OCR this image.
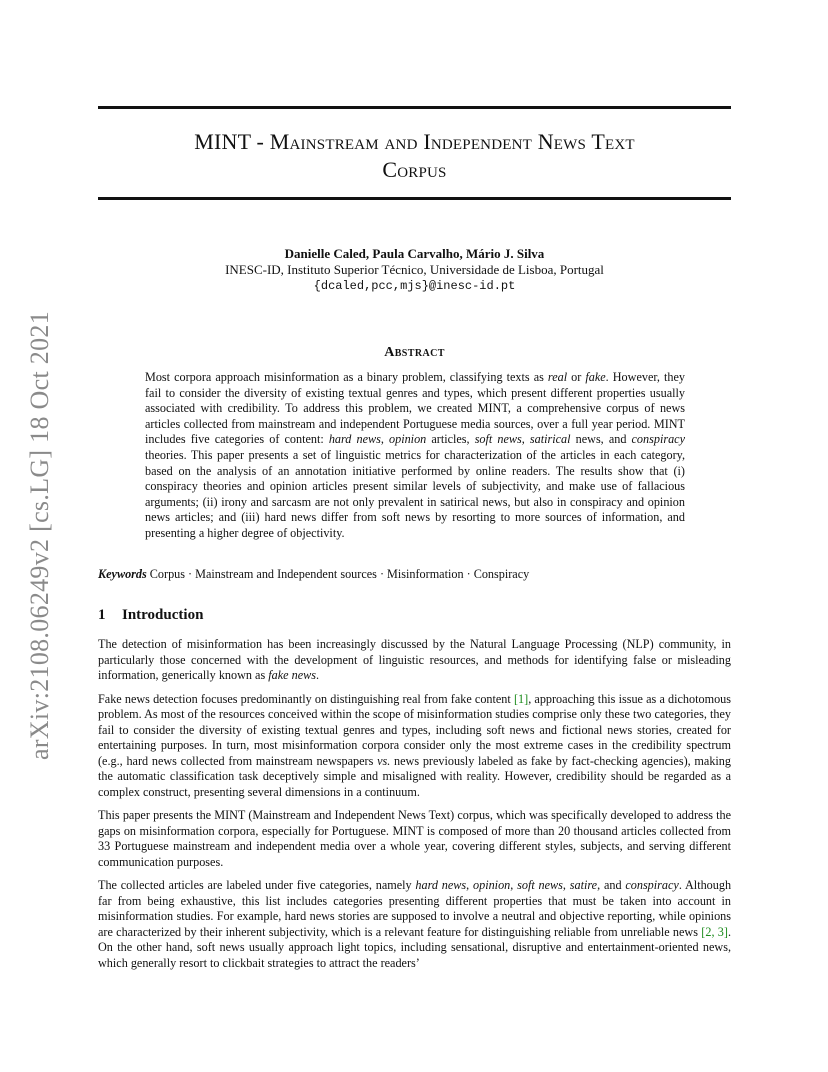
arXiv:2108.06249v2 [cs.LG] 18 Oct 2021
MINT - Mainstream and Independent News Text
Corpus
Danielle Caled, Paula Carvalho, Mário J. Silva
INESC-ID, Instituto Superior Técnico, Universidade de Lisboa, Portugal
{dcaled,pcc,mjs}@inesc-id.pt
Abstract
Most corpora approach misinformation as a binary problem, classifying texts as real or fake. However, they fail to consider the diversity of existing textual genres and types, which present different properties usually associated with credibility. To address this problem, we created MINT, a comprehensive corpus of news articles collected from mainstream and independent Portuguese media sources, over a full year period. MINT includes five categories of content: hard news, opinion articles, soft news, satirical news, and conspiracy theories. This paper presents a set of linguistic metrics for characterization of the articles in each category, based on the analysis of an annotation initiative performed by online readers. The results show that (i) conspiracy theories and opinion articles present similar levels of subjectivity, and make use of fallacious arguments; (ii) irony and sarcasm are not only prevalent in satirical news, but also in conspiracy and opinion news articles; and (iii) hard news differ from soft news by resorting to more sources of information, and presenting a higher degree of objectivity.
Keywords Corpus · Mainstream and Independent sources · Misinformation · Conspiracy
1 Introduction

The detection of misinformation has been increasingly discussed by the Natural Language Processing (NLP) community, in particularly those concerned with the development of linguistic resources, and methods for identifying false or misleading information, generically known as fake news.

Fake news detection focuses predominantly on distinguishing real from fake content [1], approaching this issue as a dichotomous problem. As most of the resources conceived within the scope of misinformation studies comprise only these two categories, they fail to consider the diversity of existing textual genres and types, including soft news and fictional news stories, created for entertaining purposes. In turn, most misinformation corpora consider only the most extreme cases in the credibility spectrum (e.g., hard news collected from mainstream newspapers vs. news previously labeled as fake by fact-checking agencies), making the automatic classification task deceptively simple and misaligned with reality. However, credibility should be regarded as a complex construct, presenting several dimensions in a continuum.

This paper presents the MINT (Mainstream and Independent News Text) corpus, which was specifically developed to address the gaps on misinformation corpora, especially for Portuguese. MINT is composed of more than 20 thousand articles collected from 33 Portuguese mainstream and independent media over a whole year, covering different styles, subjects, and serving different communication purposes.

The collected articles are labeled under five categories, namely hard news, opinion, soft news, satire, and conspiracy. Although far from being exhaustive, this list includes categories presenting different properties that must be taken into account in misinformation studies. For example, hard news stories are supposed to involve a neutral and objective reporting, while opinions are characterized by their inherent subjectivity, which is a relevant feature for distinguishing reliable from unreliable news [2, 3]. On the other hand, soft news usually approach light topics, including sensational, disruptive and entertainment-oriented news, which generally resort to clickbait strategies to attract the readers’
